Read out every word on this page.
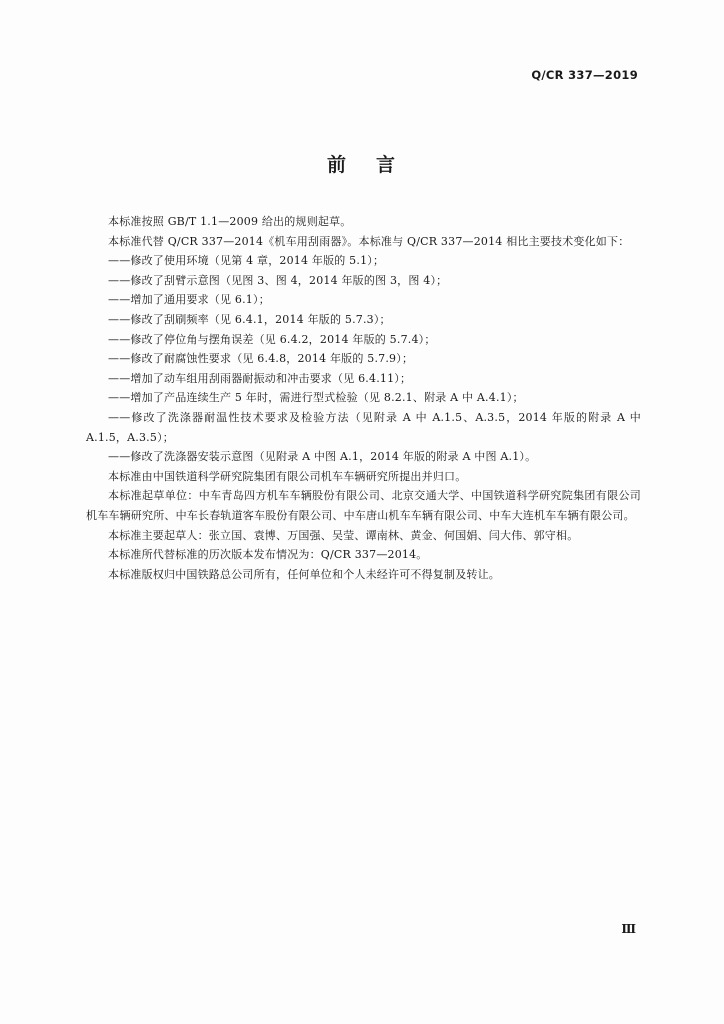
Q/CR 337—2019
前言

本标准按照 GB/T 1.1—2009 给出的规则起草。

本标准代替 Q/CR 337—2014《机车用刮雨器》。本标准与 Q/CR 337—2014 相比主要技术变化如下：

——修改了使用环境（见第 4 章，2014 年版的 5.1）；

——修改了刮臂示意图（见图 3、图 4，2014 年版的图 3，图 4）；

——增加了通用要求（见 6.1）；

——修改了刮刷频率（见 6.4.1，2014 年版的 5.7.3）；

——修改了停位角与摆角误差（见 6.4.2，2014 年版的 5.7.4）；

——修改了耐腐蚀性要求（见 6.4.8，2014 年版的 5.7.9）；

——增加了动车组用刮雨器耐振动和冲击要求（见 6.4.11）；

——增加了产品连续生产 5 年时，需进行型式检验（见 8.2.1、附录 A 中 A.4.1）；

——修改了洗涤器耐温性技术要求及检验方法（见附录 A 中 A.1.5、A.3.5，2014 年版的附录 A 中 A.1.5，A.3.5）；

——修改了洗涤器安装示意图（见附录 A 中图 A.1，2014 年版的附录 A 中图 A.1）。

本标准由中国铁道科学研究院集团有限公司机车车辆研究所提出并归口。

本标准起草单位：中车青岛四方机车车辆股份有限公司、北京交通大学、中国铁道科学研究院集团有限公司机车车辆研究所、中车长春轨道客车股份有限公司、中车唐山机车车辆有限公司、中车大连机车车辆有限公司。

本标准主要起草人：张立国、袁博、万国强、吴莹、谭南林、黄金、何国娟、闫大伟、郭守相。

本标准所代替标准的历次版本发布情况为：Q/CR 337—2014。

本标准版权归中国铁路总公司所有，任何单位和个人未经许可不得复制及转让。

Ⅲ
